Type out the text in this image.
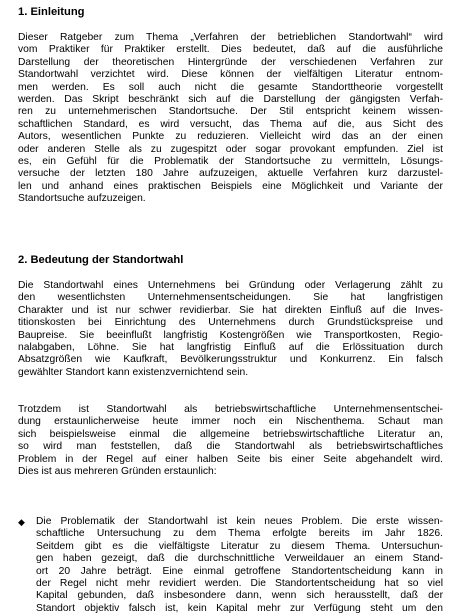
1. Einleitung
Dieser Ratgeber zum Thema „Verfahren der betrieblichen Standortwahl“ wird
vom Praktiker für Praktiker erstellt. Dies bedeutet, daß auf die ausführliche
Darstellung der theoretischen Hintergründe der verschiedenen Verfahren zur
Standortwahl verzichtet wird. Diese können der vielfältigen Literatur entnom-
men werden. Es soll auch nicht die gesamte Standorttheorie vorgestellt
werden. Das Skript beschränkt sich auf die Darstellung der gängigsten Verfah-
ren zu unternehmerischen Standortsuche. Der Stil entspricht keinem wissen-
schaftlichen Standard, es wird versucht, das Thema auf die, aus Sicht des
Autors, wesentlichen Punkte zu reduzieren. Vielleicht wird das an der einen
oder anderen Stelle als zu zugespitzt oder sogar provokant empfunden. Ziel ist
es, ein Gefühl für die Problematik der Standortsuche zu vermitteln, Lösungs-
versuche der letzten 180 Jahre aufzuzeigen, aktuelle Verfahren kurz darzustel-
len und anhand eines praktischen Beispiels eine Möglichkeit und Variante der
Standortsuche aufzuzeigen.
2. Bedeutung der Standortwahl
Die Standortwahl eines Unternehmens bei Gründung oder Verlagerung zählt zu
den wesentlichsten Unternehmensentscheidungen. Sie hat langfristigen
Charakter und ist nur schwer revidierbar. Sie hat direkten Einfluß auf die Inves-
titionskosten bei Einrichtung des Unternehmens durch Grundstückspreise und
Baupreise. Sie beeinflußt langfristig Kostengrößen wie Transportkosten, Regio-
nalabgaben, Löhne. Sie hat langfristig Einfluß auf die Erlössituation durch
Absatzgrößen wie Kaufkraft, Bevölkerungsstruktur und Konkurrenz. Ein falsch
gewählter Standort kann existenzvernichtend sein.
Trotzdem ist Standortwahl als betriebswirtschaftliche Unternehmensentschei-
dung erstaunlicherweise heute immer noch ein Nischenthema. Schaut man
sich beispielsweise einmal die allgemeine betriebswirtschaftliche Literatur an,
so wird man feststellen, daß die Standortwahl als betriebswirtschaftliches
Problem in der Regel auf einer halben Seite bis einer Seite abgehandelt wird.
Dies ist aus mehreren Gründen erstaunlich:
◆ Die Problematik der Standortwahl ist kein neues Problem. Die erste wissen-
schaftliche Untersuchung zu dem Thema erfolgte bereits im Jahr 1826.
Seitdem gibt es die vielfältigste Literatur zu diesem Thema. Untersuchun-
gen haben gezeigt, daß die durchschnittliche Verweildauer an einem Stand-
ort 20 Jahre beträgt. Eine einmal getroffene Standortentscheidung kann in
der Regel nicht mehr revidiert werden. Die Standortentscheidung hat so viel
Kapital gebunden, daß insbesondere dann, wenn sich herausstellt, daß der
Standort objektiv falsch ist, kein Kapital mehr zur Verfügung steht um den
